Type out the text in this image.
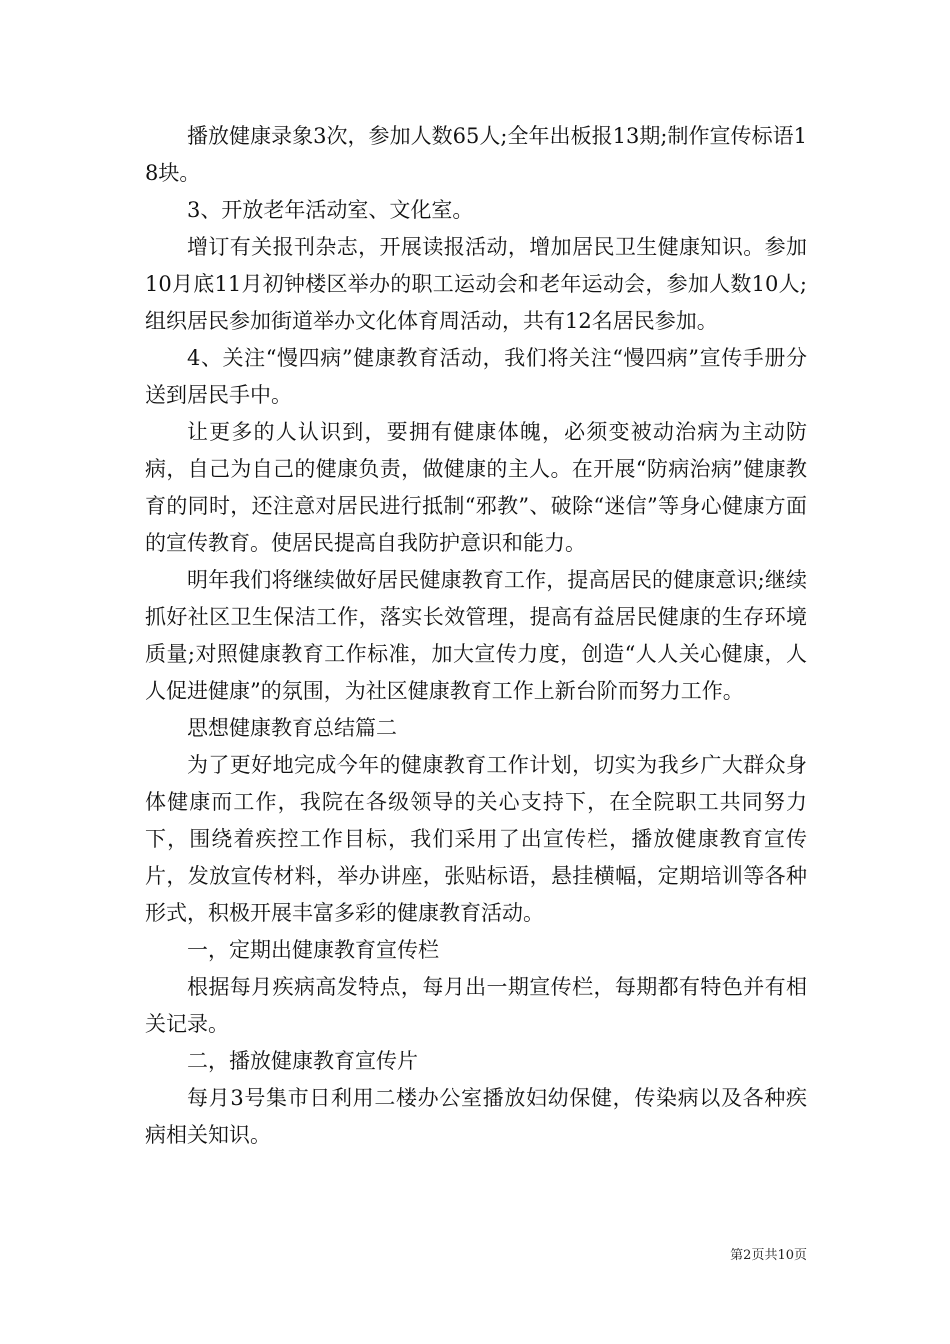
播放健康录象3次，参加人数65人;全年出板报13期;制作宣传标语18块。

3、开放老年活动室、文化室。

增订有关报刊杂志，开展读报活动，增加居民卫生健康知识。参加10月底11月初钟楼区举办的职工运动会和老年运动会，参加人数10人;组织居民参加街道举办文化体育周活动，共有12名居民参加。

4、关注“慢四病”健康教育活动，我们将关注“慢四病”宣传手册分送到居民手中。

让更多的人认识到，要拥有健康体魄，必须变被动治病为主动防病，自己为自己的健康负责，做健康的主人。在开展“防病治病”健康教育的同时，还注意对居民进行抵制“邪教”、破除“迷信”等身心健康方面的宣传教育。使居民提高自我防护意识和能力。

明年我们将继续做好居民健康教育工作，提高居民的健康意识;继续抓好社区卫生保洁工作，落实长效管理，提高有益居民健康的生存环境质量;对照健康教育工作标准，加大宣传力度，创造“人人关心健康，人人促进健康”的氛围，为社区健康教育工作上新台阶而努力工作。

思想健康教育总结篇二

为了更好地完成今年的健康教育工作计划，切实为我乡广大群众身体健康而工作，我院在各级领导的关心支持下，在全院职工共同努力下，围绕着疾控工作目标，我们采用了出宣传栏，播放健康教育宣传片，发放宣传材料，举办讲座，张贴标语，悬挂横幅，定期培训等各种形式，积极开展丰富多彩的健康教育活动。

一，定期出健康教育宣传栏

根据每月疾病高发特点，每月出一期宣传栏，每期都有特色并有相关记录。

二，播放健康教育宣传片

每月3号集市日利用二楼办公室播放妇幼保健，传染病以及各种疾病相关知识。

第2页共10页
